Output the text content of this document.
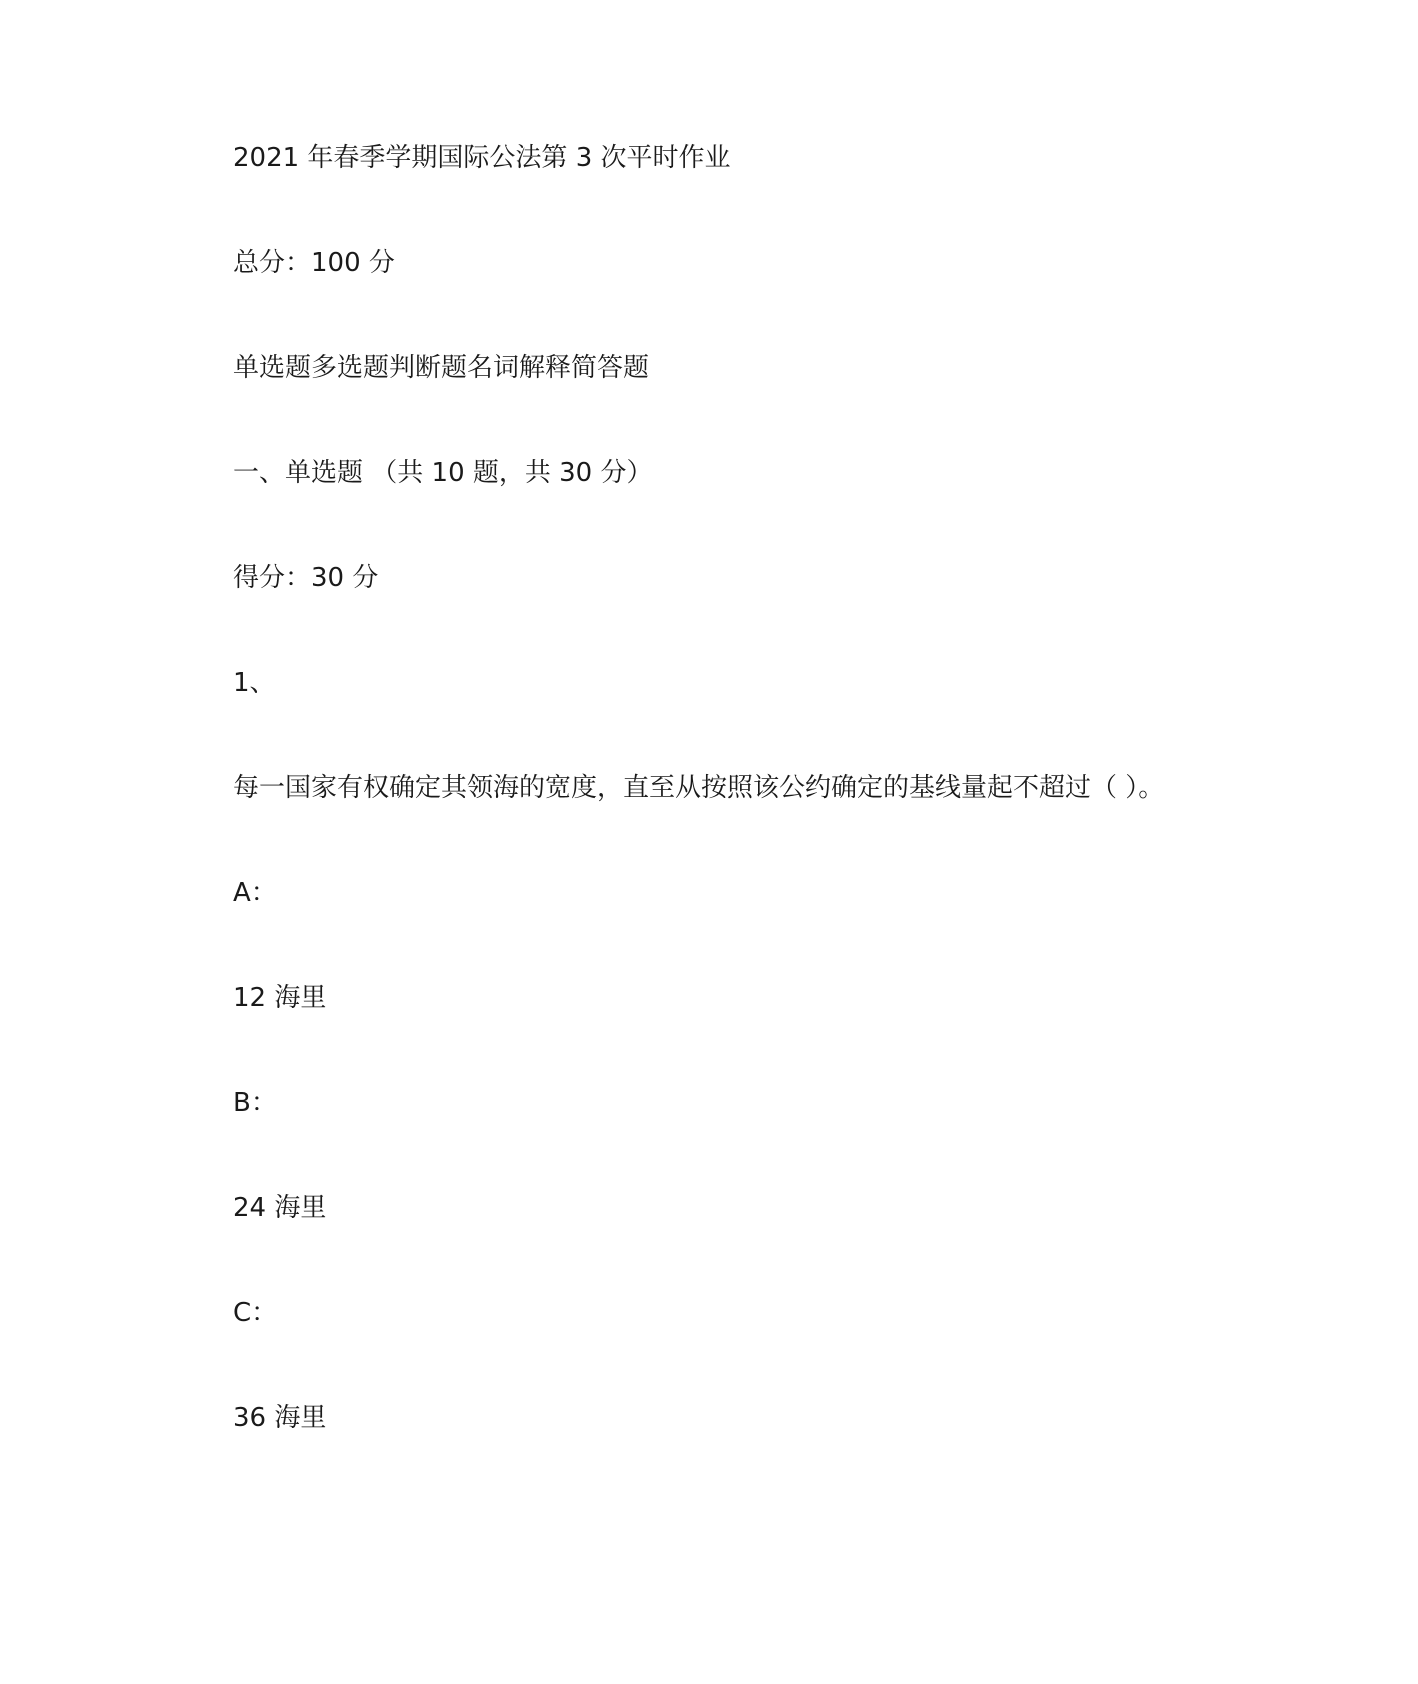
2021 年春季学期国际公法第 3 次平时作业
总分：100 分
单选题多选题判断题名词解释简答题
一、单选题 （共 10 题，共 30 分）
得分：30 分
1、
每一国家有权确定其领海的宽度，直至从按照该公约确定的基线量起不超过（ ）。
A：
12 海里
B：
24 海里
C：
36 海里
